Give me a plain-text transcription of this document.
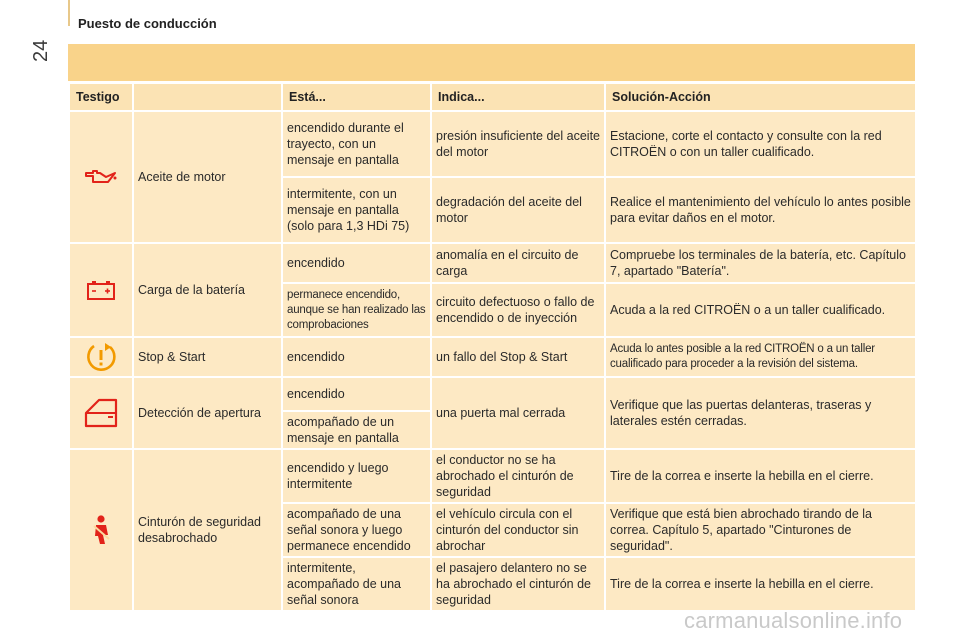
24
Puesto de conducción
Testigo		Está...	Indica...	Solución-Acción
	Aceite de motor	encendido durante el trayecto, con un mensaje en pantalla	presión insuficiente del aceite del motor	Estacione, corte el contacto y consulte con la red CITROËN o con un taller cualificado.
		intermitente, con un mensaje en pantalla (solo para 1,3 HDi 75)	degradación del aceite del motor	Realice el mantenimiento del vehículo lo antes posible para evitar daños en el motor.
	Carga de la batería	encendido	anomalía en el circuito de carga	Compruebe los terminales de la batería, etc. Capítulo 7, apartado "Batería".
		permanece encendido, aunque se han realizado las comprobaciones	circuito defectuoso o fallo de encendido o de inyección	Acuda a la red CITROËN o a un taller cualificado.
	Stop & Start	encendido	un fallo del Stop & Start	Acuda lo antes posible a la red CITROËN o a un taller cualificado para proceder a la revisión del sistema.
	Detección de apertura	encendido	una puerta mal cerrada	Verifique que las puertas delanteras, traseras y laterales estén cerradas.
		acompañado de un mensaje en pantalla		
	Cinturón de seguridad desabrochado	encendido y luego intermitente	el conductor no se ha abrochado el cinturón de seguridad	Tire de la correa e inserte la hebilla en el cierre.
		acompañado de una señal sonora y luego permanece encendido	el vehículo circula con el cinturón del conductor sin abrochar	Verifique que está bien abrochado tirando de la correa. Capítulo 5, apartado "Cinturones de seguridad".
		intermitente, acompañado de una señal sonora	el pasajero delantero no se ha abrochado el cinturón de seguridad	Tire de la correa e inserte la hebilla en el cierre.
carmanualsonline.info
